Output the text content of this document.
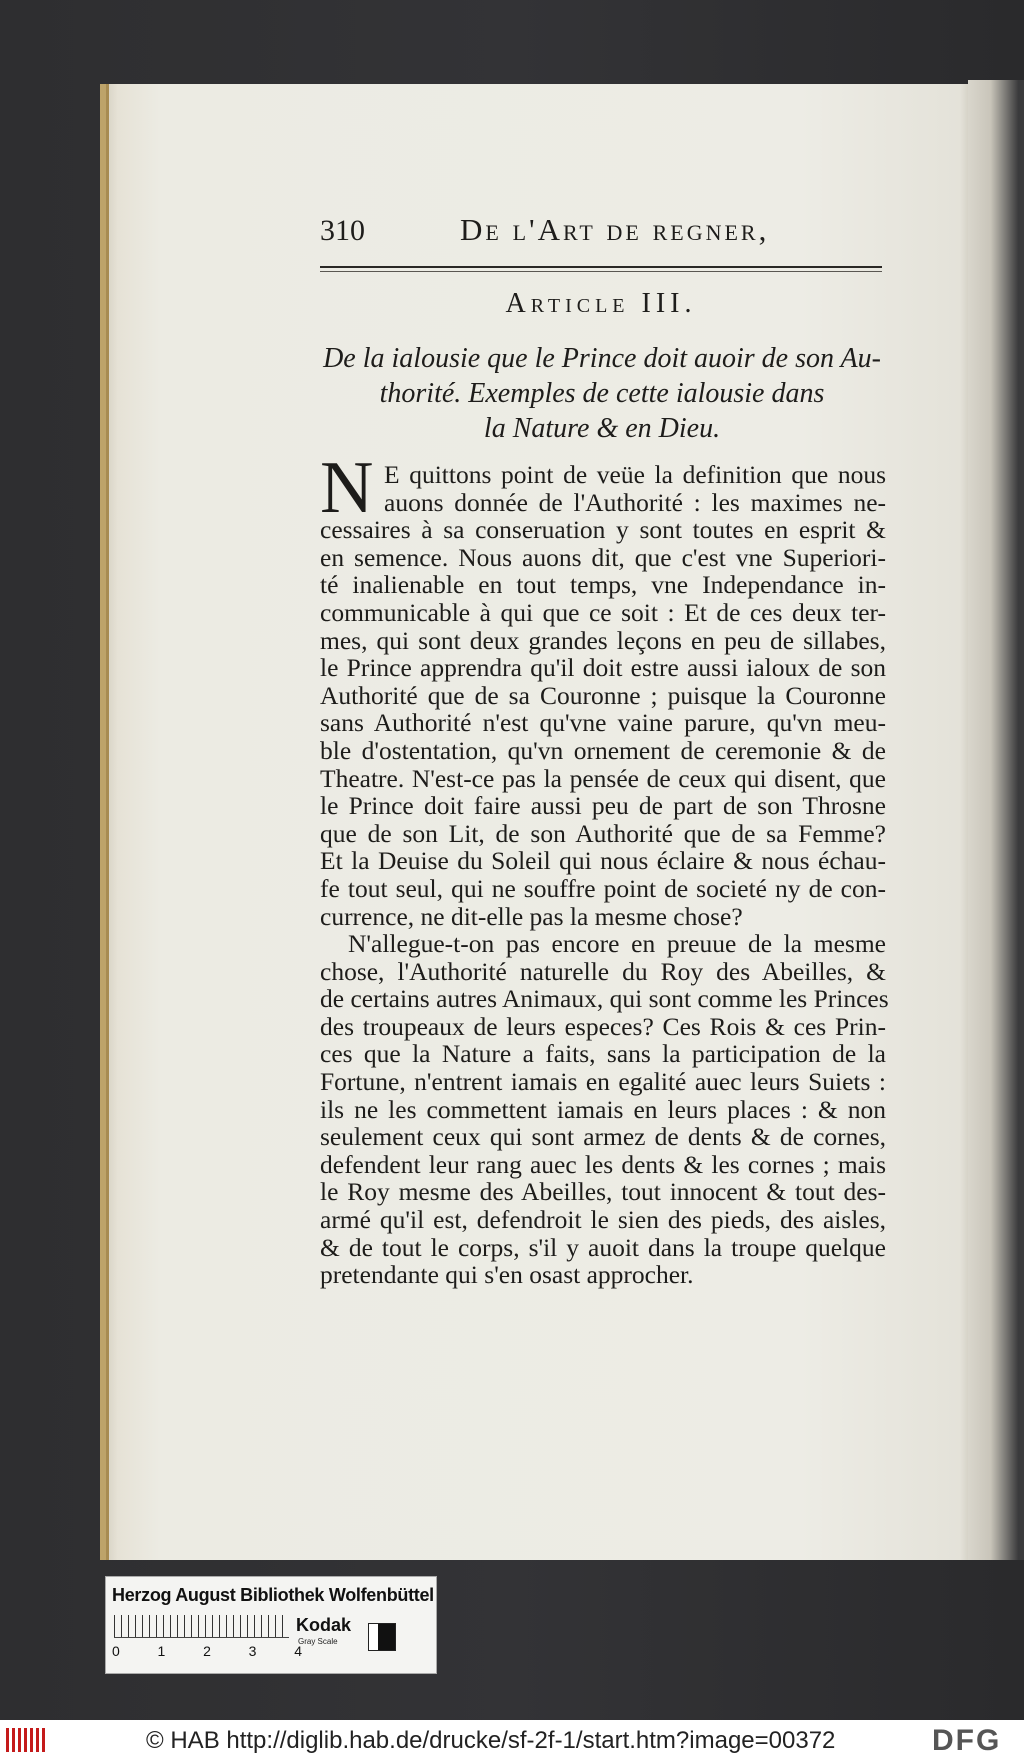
310	De l'Art de regner,
Article III.
De la ialousie que le Prince doit auoir de son Au-
thorité. Exemples de cette ialousie dans
la Nature & en Dieu.
N E quittons point de veüe la definition que nous
auons donnée de l'Authorité : les maximes ne-
cessaires à sa conseruation y sont toutes en esprit &
en semence. Nous auons dit, que c'est vne Superiori-
té inalienable en tout temps, vne Independance in-
communicable à qui que ce soit : Et de ces deux ter-
mes, qui sont deux grandes leçons en peu de sillabes,
le Prince apprendra qu'il doit estre aussi ialoux de son
Authorité que de sa Couronne ; puisque la Couronne
sans Authorité n'est qu'vne vaine parure, qu'vn meu-
ble d'ostentation, qu'vn ornement de ceremonie & de
Theatre. N'est-ce pas la pensée de ceux qui disent, que
le Prince doit faire aussi peu de part de son Throsne
que de son Lit, de son Authorité que de sa Femme?
Et la Deuise du Soleil qui nous éclaire & nous échau-
fe tout seul, qui ne souffre point de societé ny de con-
currence, ne dit-elle pas la mesme chose?
N'allegue-t-on pas encore en preuue de la mesme
chose, l'Authorité naturelle du Roy des Abeilles, &
de certains autres Animaux, qui sont comme les Princes
des troupeaux de leurs especes? Ces Rois & ces Prin-
ces que la Nature a faits, sans la participation de la
Fortune, n'entrent iamais en egalité auec leurs Suiets :
ils ne les commettent iamais en leurs places : & non
seulement ceux qui sont armez de dents & de cornes,
defendent leur rang auec les dents & les cornes ; mais
le Roy mesme des Abeilles, tout innocent & tout des-
armé qu'il est, defendroit le sien des pieds, des aisles,
& de tout le corps, s'il y auoit dans la troupe quelque
pretendante qui s'en osast approcher.
Herzog August Bibliothek Wolfenbüttel
0	1	2	3	4
Kodak
Gray Scale
© HAB http://diglib.hab.de/drucke/sf-2f-1/start.htm?image=00372	DFG
